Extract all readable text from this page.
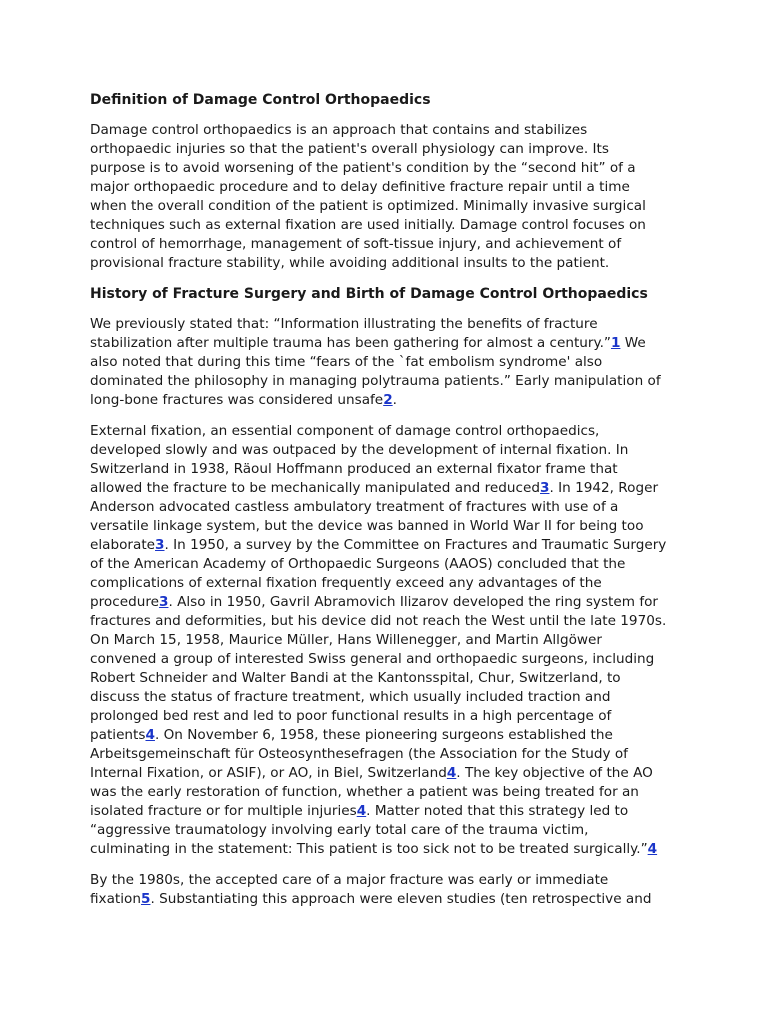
Definition of Damage Control Orthopaedics
Damage control orthopaedics is an approach that contains and stabilizes
orthopaedic injuries so that the patient's overall physiology can improve. Its
purpose is to avoid worsening of the patient's condition by the “second hit” of a
major orthopaedic procedure and to delay definitive fracture repair until a time
when the overall condition of the patient is optimized. Minimally invasive surgical
techniques such as external fixation are used initially. Damage control focuses on
control of hemorrhage, management of soft-tissue injury, and achievement of
provisional fracture stability, while avoiding additional insults to the patient.
History of Fracture Surgery and Birth of Damage Control Orthopaedics
We previously stated that: “Information illustrating the benefits of fracture
stabilization after multiple trauma has been gathering for almost a century.”1 We
also noted that during this time “fears of the `fat embolism syndrome' also
dominated the philosophy in managing polytrauma patients.” Early manipulation of
long-bone fractures was considered unsafe2.
External fixation, an essential component of damage control orthopaedics,
developed slowly and was outpaced by the development of internal fixation. In
Switzerland in 1938, Räoul Hoffmann produced an external fixator frame that
allowed the fracture to be mechanically manipulated and reduced3. In 1942, Roger
Anderson advocated castless ambulatory treatment of fractures with use of a
versatile linkage system, but the device was banned in World War II for being too
elaborate3. In 1950, a survey by the Committee on Fractures and Traumatic Surgery
of the American Academy of Orthopaedic Surgeons (AAOS) concluded that the
complications of external fixation frequently exceed any advantages of the
procedure3. Also in 1950, Gavril Abramovich Ilizarov developed the ring system for
fractures and deformities, but his device did not reach the West until the late 1970s.
On March 15, 1958, Maurice Müller, Hans Willenegger, and Martin Allgöwer
convened a group of interested Swiss general and orthopaedic surgeons, including
Robert Schneider and Walter Bandi at the Kantonsspital, Chur, Switzerland, to
discuss the status of fracture treatment, which usually included traction and
prolonged bed rest and led to poor functional results in a high percentage of
patients4. On November 6, 1958, these pioneering surgeons established the
Arbeitsgemeinschaft für Osteosynthesefragen (the Association for the Study of
Internal Fixation, or ASIF), or AO, in Biel, Switzerland4. The key objective of the AO
was the early restoration of function, whether a patient was being treated for an
isolated fracture or for multiple injuries4. Matter noted that this strategy led to
“aggressive traumatology involving early total care of the trauma victim,
culminating in the statement: This patient is too sick not to be treated surgically.”4
By the 1980s, the accepted care of a major fracture was early or immediate
fixation5. Substantiating this approach were eleven studies (ten retrospective and
